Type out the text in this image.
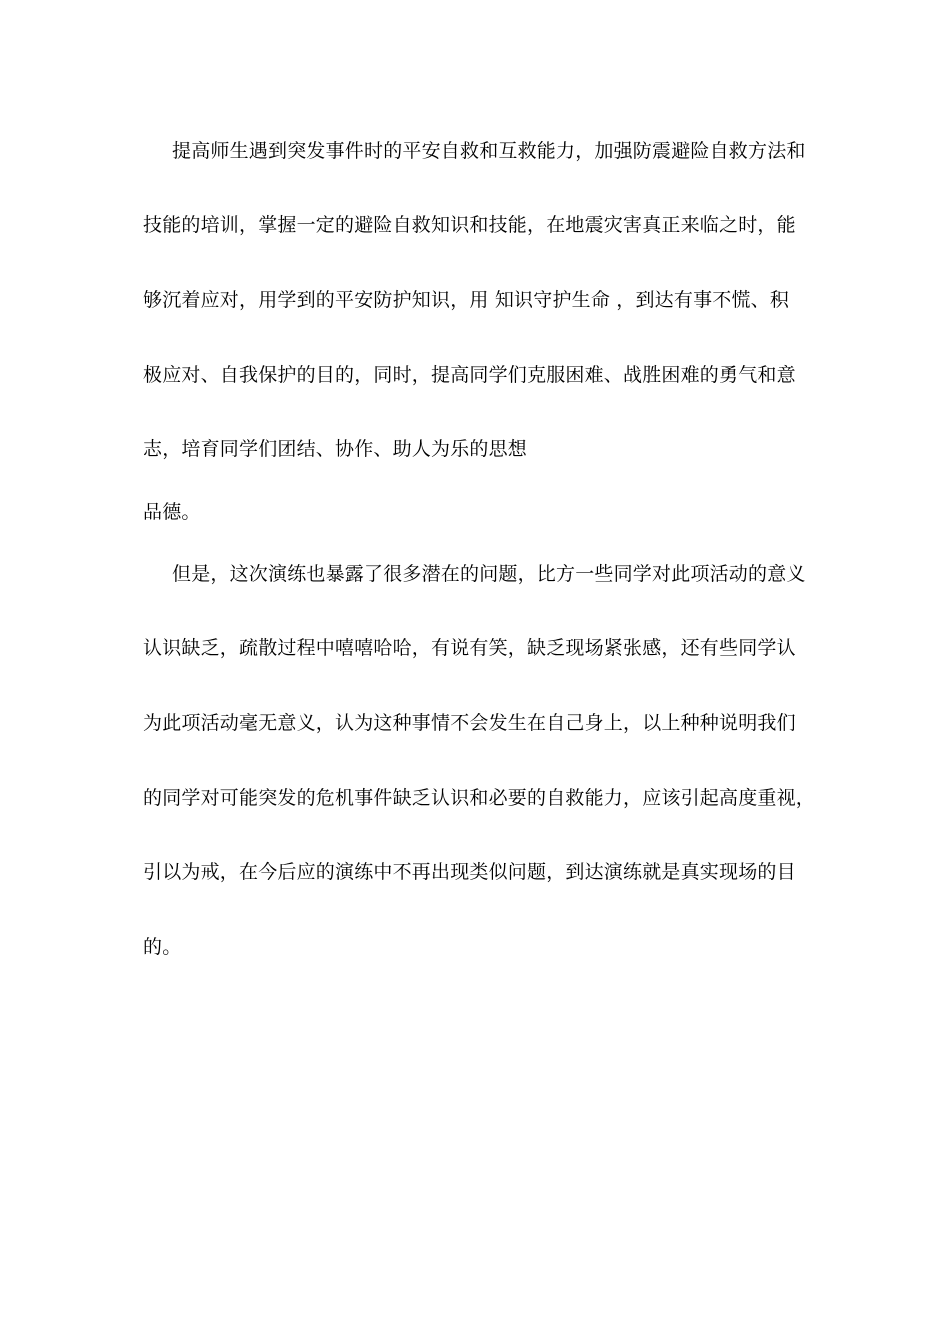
提高师生遇到突发事件时的平安自救和互救能力，加强防震避险自救方法和
技能的培训，掌握一定的避险自救知识和技能，在地震灾害真正来临之时，能
够沉着应对，用学到的平安防护知识，用 知识守护生命 ，到达有事不慌、积
极应对、自我保护的目的，同时，提高同学们克服困难、战胜困难的勇气和意
志，培育同学们团结、协作、助人为乐的思想
品德。
但是，这次演练也暴露了很多潜在的问题，比方一些同学对此项活动的意义
认识缺乏，疏散过程中嘻嘻哈哈，有说有笑，缺乏现场紧张感，还有些同学认
为此项活动毫无意义，认为这种事情不会发生在自己身上，以上种种说明我们
的同学对可能突发的危机事件缺乏认识和必要的自救能力，应该引起高度重视，
引以为戒，在今后应的演练中不再出现类似问题，到达演练就是真实现场的目
的。
